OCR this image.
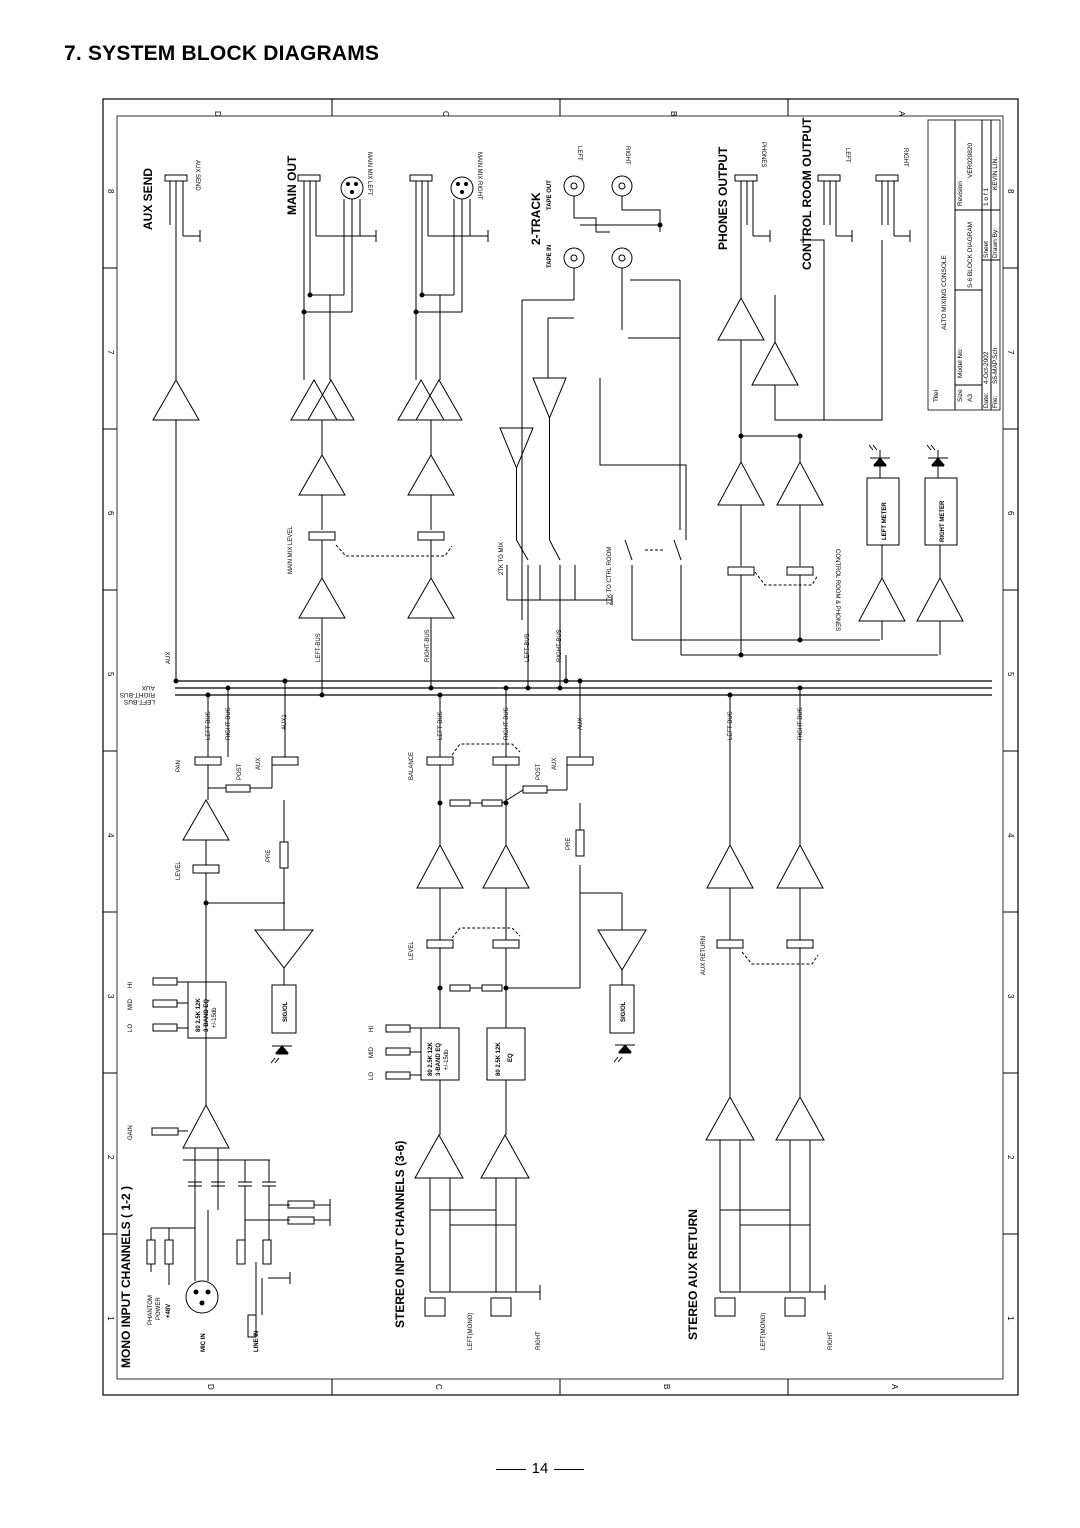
7. SYSTEM BLOCK DIAGRAMS
D	C	B	A
D	C	B	A
1
2
3
4
5
6
7
8
1
2
3
4
5
6
7
8
Titel
ALTO MIXING CONSOLE
Size A3
Model No:
S-6 BLOCK DIAGRAM
Revision
VER020820
Date:
4-Oct-2002
Sheet
1 o f 1
File:
S6-MAP.Sch
Drawn By:
KEVIN LIN.
AUX SEND	MAIN OUT
2-TRACK	PHONES OUTPUT	CONTROL ROOM OUTPUT
MONO INPUT CHANNELS ( 1-2 )	STEREO INPUT CHANNELS (3-6)	STEREO AUX RETURN
AUX
RIGHT-BUS
LEFT-BUS
AUX SEND
AUX
MAIN MIX LEFT	MAIN MIX RIGHT
MAIN MIX LEVEL
LEFT-BUS	RIGHT-BUS
TAPE OUT
TAPE IN
LEFT	RIGHT
2TK TO MIX	2TK TO CTRL ROOM
LEFT-BUS	RIGHT-BUS
PHONES	LEFT	RIGHT
CONTROL ROOM & PHONES
LEFT METER	RIGHT METER
LEFT-BUS RIGHT-BUS	AUX1
PAN	POST AUX
PRE
LEVEL
HI
MID
LO	80 2.5K 12K 3-BAND EQ +/-15db	SIG/OL
GAIN
PHANTOM POWER +48V
MIC IN	LINE IN
LEFT-BUS	RIGHT-BUS	AUX
BALANCE	POST AUX
PRE
LEVEL
HI
MID
LO	80 2.5K 12K 3-BAND EQ +/-15db	80 2.5K 12K EQ
SIG/OL
LEFT(MONO)	RIGHT
LEFT-BUS	RIGHT-BUS
AUX RETURN
LEFT(MONO)	RIGHT
14
